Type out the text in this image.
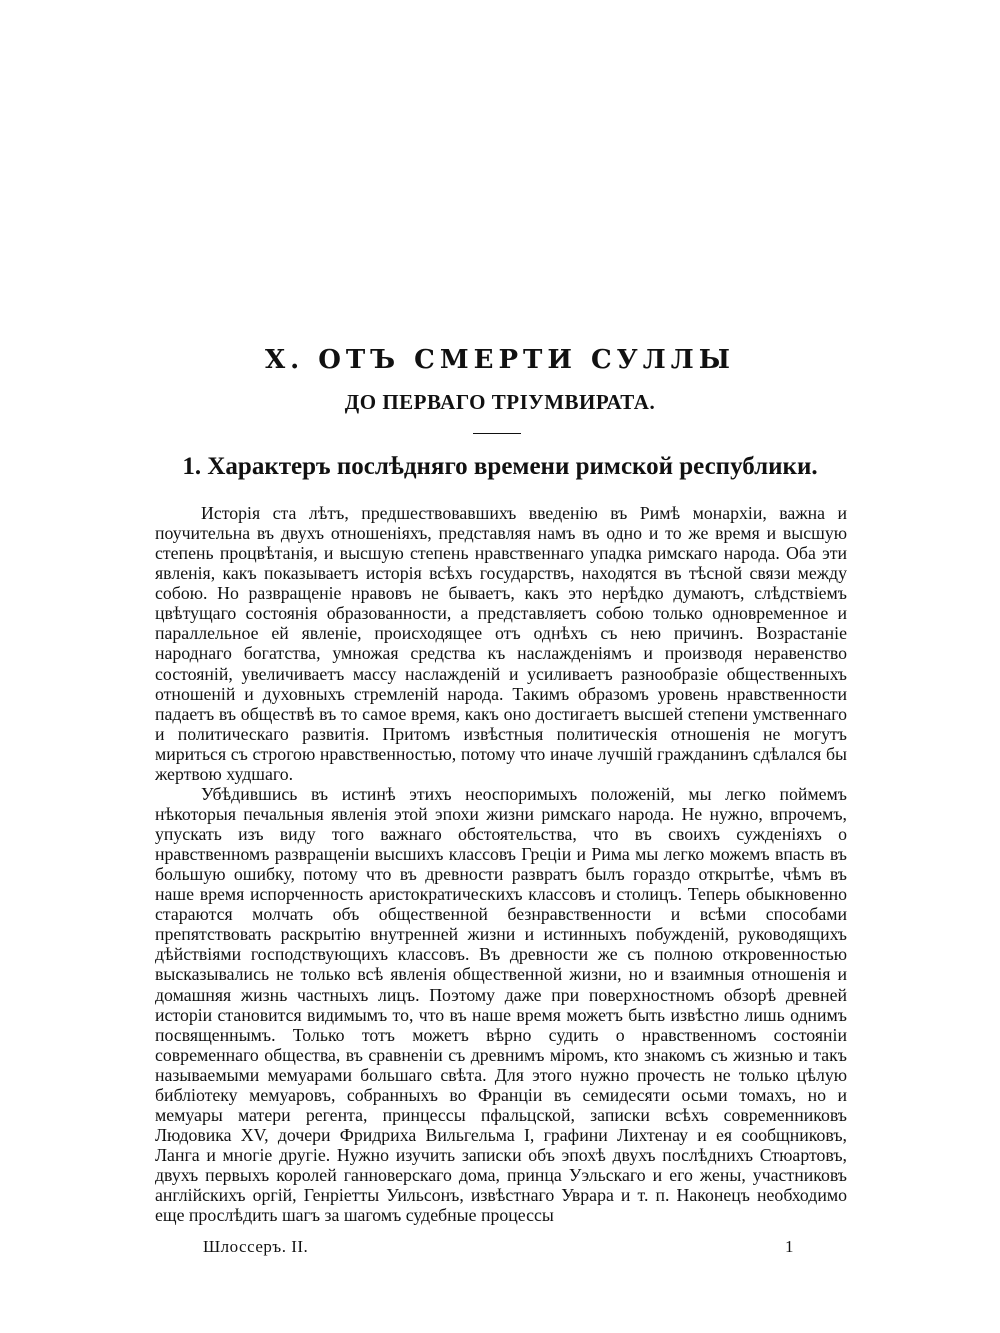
X. ОТЪ СМЕРТИ СУЛЛЫ
ДО ПЕРВАГО ТРІУМВИРАТА.
1. Характеръ послѣдняго времени римской республики.

Исторія ста лѣтъ, предшествовавшихъ введенію въ Римѣ монархіи, важна и поучительна въ двухъ отношеніяхъ, представляя намъ въ одно и то же время и высшую степень процвѣтанія, и высшую степень нравственнаго упадка римскаго народа. Оба эти явленія, какъ показываетъ исторія всѣхъ государствъ, находятся въ тѣсной связи между собою. Но развращеніе нравовъ не бываетъ, какъ это нерѣдко думаютъ, слѣдствіемъ цвѣтущаго состоянія образованности, а представляетъ собою только одновременное и параллельное ей явленіе, происходящее отъ однѣхъ съ нею причинъ. Возрастаніе народнаго богатства, умножая средства къ наслажденіямъ и производя неравенство состояній, увеличиваетъ массу наслажденій и усиливаетъ разнообразіе общественныхъ отношеній и духовныхъ стремленій народа. Такимъ образомъ уровень нравственности падаетъ въ обществѣ въ то самое время, какъ оно достигаетъ высшей степени умственнаго и политическаго развитія. Притомъ извѣстныя политическія отношенія не могутъ мириться съ строгою нравственностью, потому что иначе лучшій гражданинъ сдѣлался бы жертвою худшаго.

Убѣдившись въ истинѣ этихъ неоспоримыхъ положеній, мы легко поймемъ нѣкоторыя печальныя явленія этой эпохи жизни римскаго народа. Не нужно, впрочемъ, упускать изъ виду того важнаго обстоятельства, что въ своихъ сужденіяхъ о нравственномъ развращеніи высшихъ классовъ Греціи и Рима мы легко можемъ впасть въ большую ошибку, потому что въ древности развратъ былъ гораздо открытѣе, чѣмъ въ наше время испорченность аристократическихъ классовъ и столицъ. Теперь обыкновенно стараются молчать объ общественной безнравственности и всѣми способами препятствовать раскрытію внутренней жизни и истинныхъ побужденій, руководящихъ дѣйствіями господствующихъ классовъ. Въ древности же съ полною откровенностью высказывались не только всѣ явленія общественной жизни, но и взаимныя отношенія и домашняя жизнь частныхъ лицъ. Поэтому даже при поверхностномъ обзорѣ древней исторіи становится видимымъ то, что въ наше время можетъ быть извѣстно лишь однимъ посвященнымъ. Только тотъ можетъ вѣрно судить о нравственномъ состояніи современнаго общества, въ сравненіи съ древнимъ міромъ, кто знакомъ съ жизнью и такъ называемыми мемуарами большаго свѣта. Для этого нужно прочесть не только цѣлую библіотеку мемуаровъ, собранныхъ во Франціи въ семидесяти осьми томахъ, но и мемуары матери регента, принцессы пфальцской, записки всѣхъ современниковъ Людовика XV, дочери Фридриха Вильгельма I, графини Лихтенау и ея сообщниковъ, Ланга и многіе другіе. Нужно изучить записки объ эпохѣ двухъ послѣднихъ Стюартовъ, двухъ первыхъ королей ганноверскаго дома, принца Уэльскаго и его жены, участниковъ англійскихъ оргій, Генріетты Уильсонъ, извѣстнаго Уврара и т. п. Наконецъ необходимо еще прослѣдить шагъ за шагомъ судебные процессы

Шлоссеръ. II.	1
